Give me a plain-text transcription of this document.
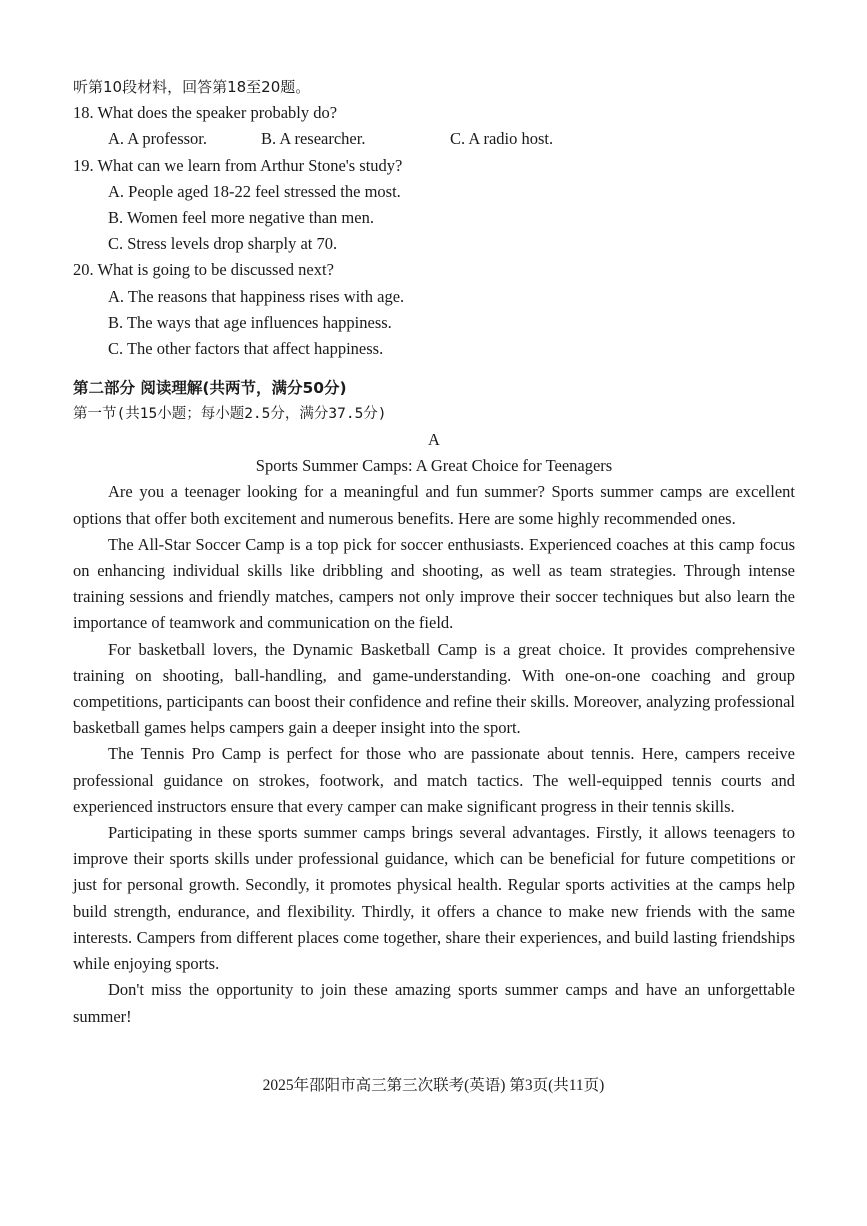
听第10段材料，回答第18至20题。
18. What does the speaker probably do?
A. A professor.	B. A researcher.	C. A radio host.
19. What can we learn from Arthur Stone's study?
A. People aged 18-22 feel stressed the most.
B. Women feel more negative than men.
C. Stress levels drop sharply at 70.
20. What is going to be discussed next?
A. The reasons that happiness rises with age.
B. The ways that age influences happiness.
C. The other factors that affect happiness.
第二部分 阅读理解(共两节，满分50分)
第一节(共15小题；每小题2.5分，满分37.5分)
A
Sports Summer Camps: A Great Choice for Teenagers

Are you a teenager looking for a meaningful and fun summer? Sports summer camps are excellent options that offer both excitement and numerous benefits. Here are some highly recommended ones.

The All-Star Soccer Camp is a top pick for soccer enthusiasts. Experienced coaches at this camp focus on enhancing individual skills like dribbling and shooting, as well as team strategies. Through intense training sessions and friendly matches, campers not only improve their soccer techniques but also learn the importance of teamwork and communication on the field.

For basketball lovers, the Dynamic Basketball Camp is a great choice. It provides comprehensive training on shooting, ball-handling, and game-understanding. With one-on-one coaching and group competitions, participants can boost their confidence and refine their skills. Moreover, analyzing professional basketball games helps campers gain a deeper insight into the sport.

The Tennis Pro Camp is perfect for those who are passionate about tennis. Here, campers receive professional guidance on strokes, footwork, and match tactics. The well-equipped tennis courts and experienced instructors ensure that every camper can make significant progress in their tennis skills.

Participating in these sports summer camps brings several advantages. Firstly, it allows teenagers to improve their sports skills under professional guidance, which can be beneficial for future competitions or just for personal growth. Secondly, it promotes physical health. Regular sports activities at the camps help build strength, endurance, and flexibility. Thirdly, it offers a chance to make new friends with the same interests. Campers from different places come together, share their experiences, and build lasting friendships while enjoying sports.

Don't miss the opportunity to join these amazing sports summer camps and have an unforgettable summer!

2025年邵阳市高三第三次联考(英语) 第3页(共11页)
